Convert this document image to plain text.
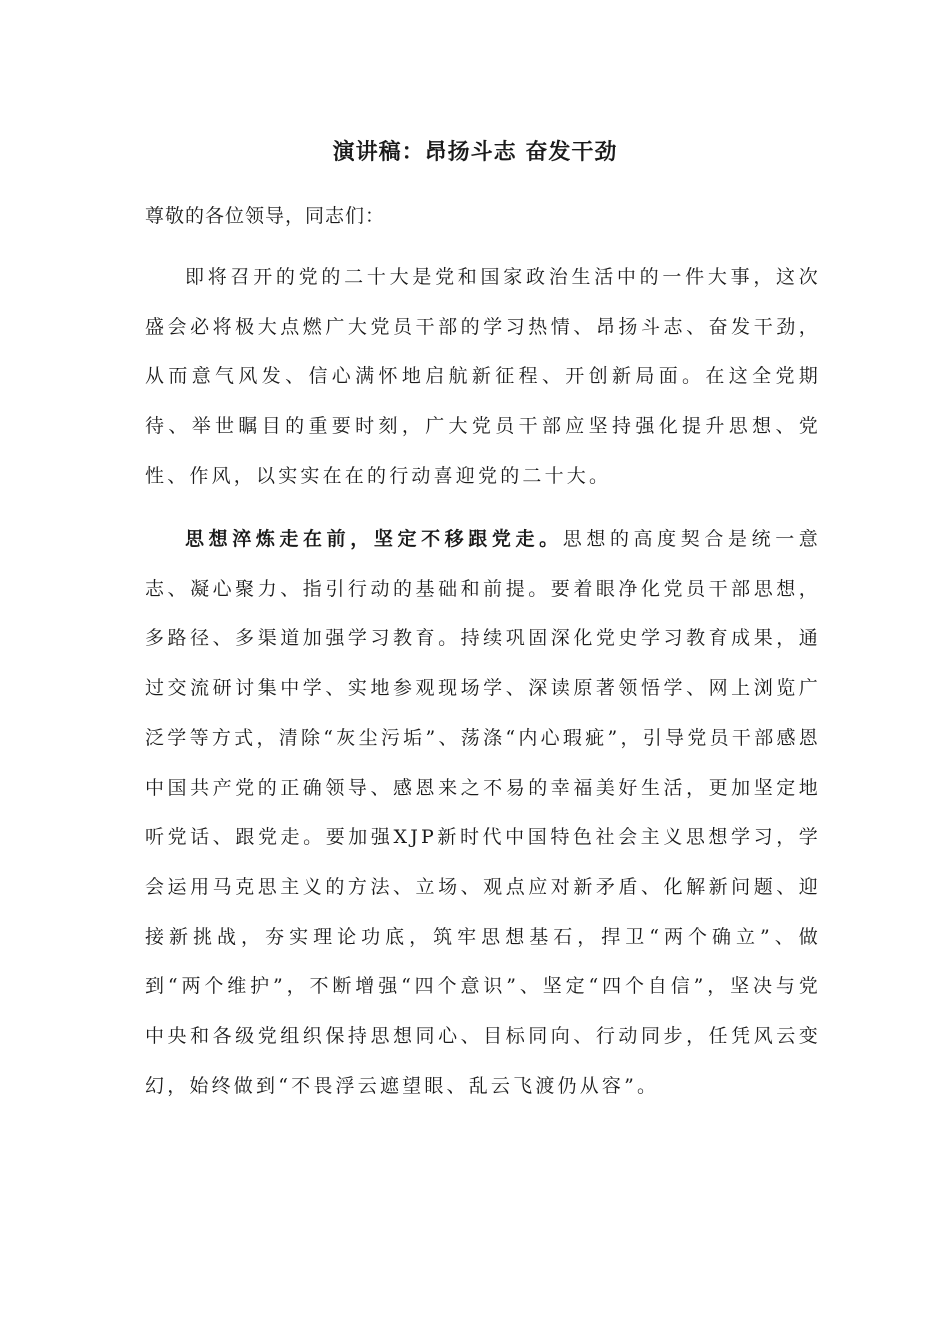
演讲稿：昂扬斗志 奋发干劲
尊敬的各位领导，同志们：

即将召开的党的二十大是党和国家政治生活中的一件大事，这次盛会必将极大点燃广大党员干部的学习热情、昂扬斗志、奋发干劲，从而意气风发、信心满怀地启航新征程、开创新局面。在这全党期待、举世瞩目的重要时刻，广大党员干部应坚持强化提升思想、党性、作风，以实实在在的行动喜迎党的二十大。

思想淬炼走在前，坚定不移跟党走。思想的高度契合是统一意志、凝心聚力、指引行动的基础和前提。要着眼净化党员干部思想，多路径、多渠道加强学习教育。持续巩固深化党史学习教育成果，通过交流研讨集中学、实地参观现场学、深读原著领悟学、网上浏览广泛学等方式，清除“灰尘污垢”、荡涤“内心瑕疵”，引导党员干部感恩中国共产党的正确领导、感恩来之不易的幸福美好生活，更加坚定地听党话、跟党走。要加强XJP新时代中国特色社会主义思想学习，学会运用马克思主义的方法、立场、观点应对新矛盾、化解新问题、迎接新挑战，夯实理论功底，筑牢思想基石，捍卫“两个确立”、做到“两个维护”，不断增强“四个意识”、坚定“四个自信”，坚决与党中央和各级党组织保持思想同心、目标同向、行动同步，任凭风云变幻，始终做到“不畏浮云遮望眼、乱云飞渡仍从容”。
